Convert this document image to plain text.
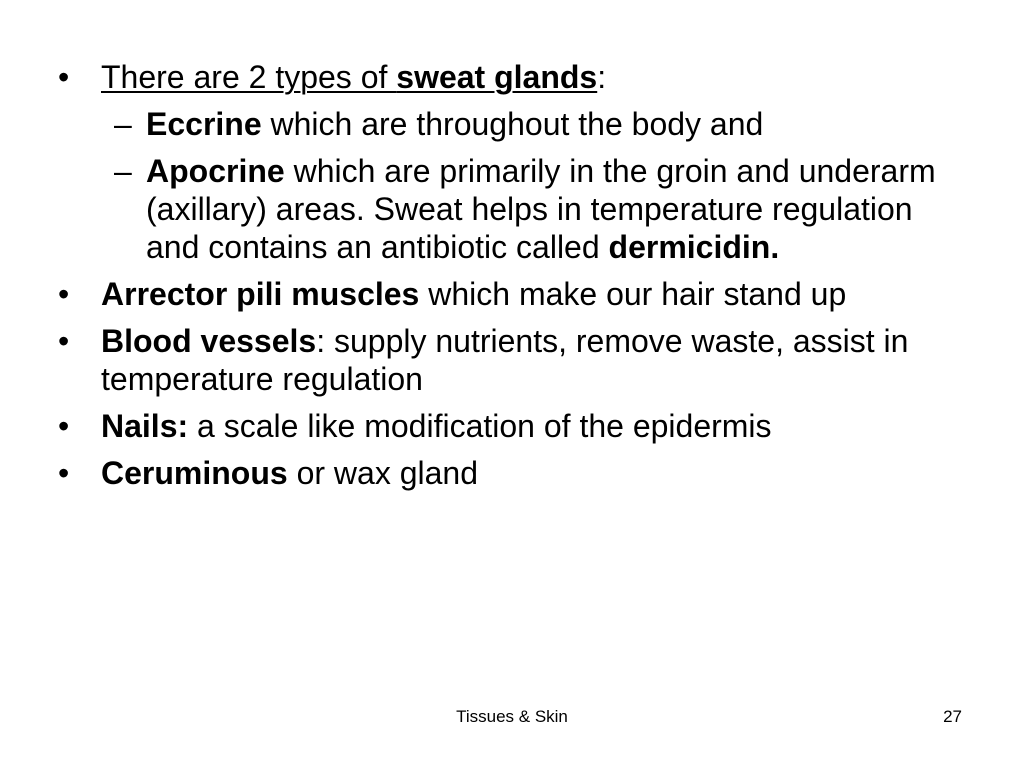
• There are 2 types of sweat glands:
– Eccrine which are throughout the body and
– Apocrine which are primarily in the groin and underarm (axillary) areas. Sweat helps in temperature regulation and contains an antibiotic called dermicidin.
• Arrector pili muscles which make our hair stand up
• Blood vessels: supply nutrients, remove waste, assist in temperature regulation
• Nails: a scale like modification of the epidermis
• Ceruminous or wax gland
Tissues & Skin	27
